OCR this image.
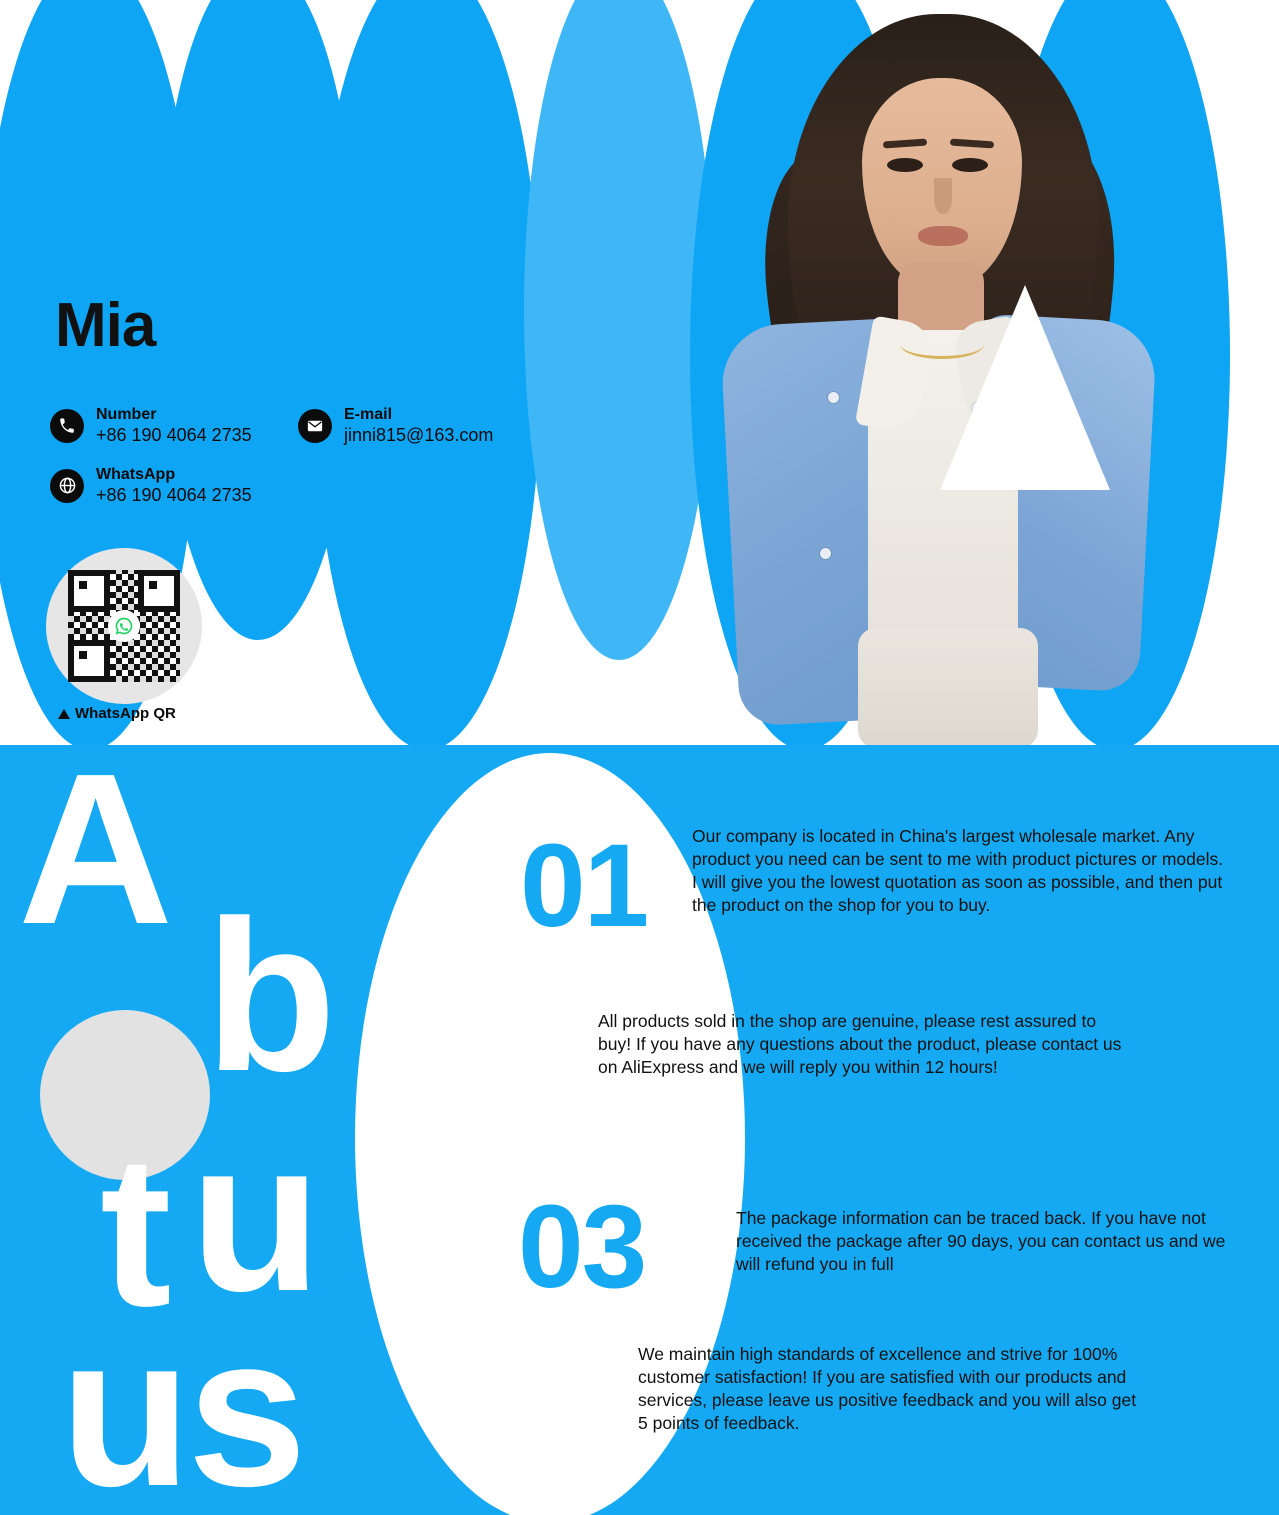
Mia
Number
+86 190 4064 2735
E-mail
jinni815@163.com
WhatsApp
+86 190 4064 2735
WhatsApp QR
A
b
u
t
us
01
02
03
04
Our company is located in China's largest wholesale market. Any product you need can be sent to me with product pictures or models. I will give you the lowest quotation as soon as possible, and then put the product on the shop for you to buy.
All products sold in the shop are genuine, please rest assured to buy! If you have any questions about the product, please contact us on AliExpress and we will reply you within 12 hours!
The package information can be traced back. If you have not received the package after 90 days, you can contact us and we will refund you in full
We maintain high standards of excellence and strive for 100% customer satisfaction! If you are satisfied with our products and services, please leave us positive feedback and you will also get 5 points of feedback.
